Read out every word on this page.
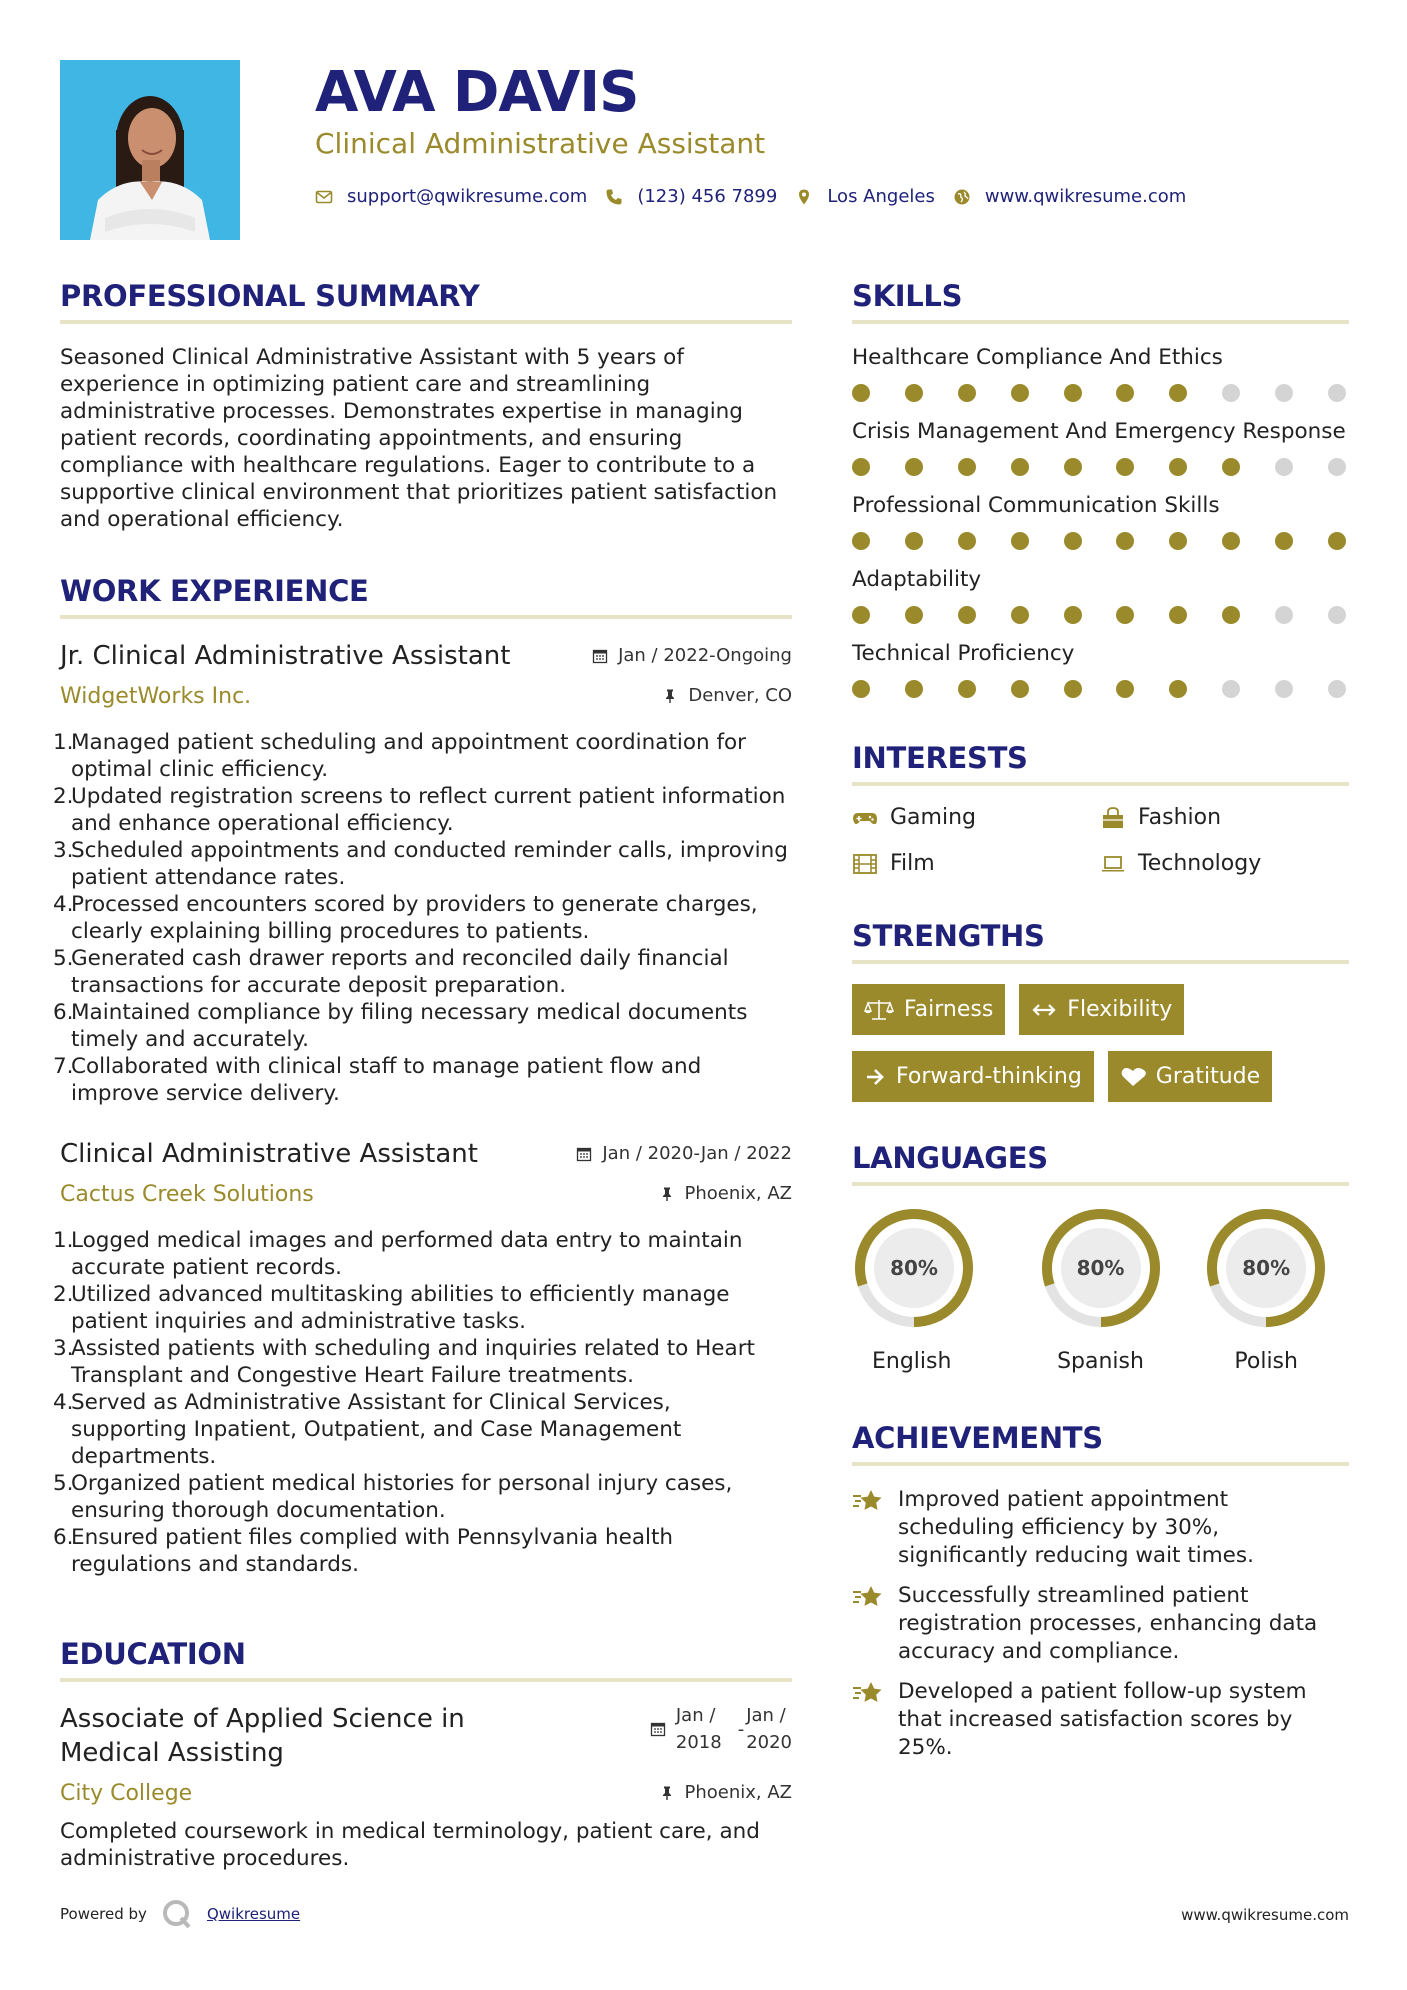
AVA DAVIS
Clinical Administrative Assistant
support@qwikresume.com	(123) 456 7899	Los Angeles	www.qwikresume.com
PROFESSIONAL SUMMARY
Seasoned Clinical Administrative Assistant with 5 years of experience in optimizing patient care and streamlining administrative processes. Demonstrates expertise in managing patient records, coordinating appointments, and ensuring compliance with healthcare regulations. Eager to contribute to a supportive clinical environment that prioritizes patient satisfaction and operational efficiency.
WORK EXPERIENCE
Jr. Clinical Administrative Assistant	Jan / 2022-Ongoing
WidgetWorks Inc.	Denver, CO
1.
Managed patient scheduling and appointment coordination for optimal clinic efficiency.
2.
Updated registration screens to reflect current patient information and enhance operational efficiency.
3.
Scheduled appointments and conducted reminder calls, improving patient attendance rates.
4.
Processed encounters scored by providers to generate charges, clearly explaining billing procedures to patients.
5.
Generated cash drawer reports and reconciled daily financial transactions for accurate deposit preparation.
6.
Maintained compliance by filing necessary medical documents timely and accurately.
7.
Collaborated with clinical staff to manage patient flow and improve service delivery.
Clinical Administrative Assistant	Jan / 2020-Jan / 2022
Cactus Creek Solutions	Phoenix, AZ
1.
Logged medical images and performed data entry to maintain accurate patient records.
2.
Utilized advanced multitasking abilities to efficiently manage patient inquiries and administrative tasks.
3.
Assisted patients with scheduling and inquiries related to Heart Transplant and Congestive Heart Failure treatments.
4.
Served as Administrative Assistant for Clinical Services, supporting Inpatient, Outpatient, and Case Management departments.
5.
Organized patient medical histories for personal injury cases, ensuring thorough documentation.
6.
Ensured patient files complied with Pennsylvania health regulations and standards.
EDUCATION
Associate of Applied Science in
Medical Assisting
Jan /
2018
-
Jan /
2020
City College	Phoenix, AZ
Completed coursework in medical terminology, patient care, and administrative procedures.
SKILLS
Healthcare Compliance And Ethics
Crisis Management And Emergency Response
Professional Communication Skills
Adaptability
Technical Proficiency
INTERESTS
Gaming	Fashion
Film	Technology
STRENGTHS
Fairness	Flexibility
Forward-thinking	Gratitude
LANGUAGES
80%
English
80%
Spanish
80%
Polish
ACHIEVEMENTS
Improved patient appointment scheduling efficiency by 30%, significantly reducing wait times.
Successfully streamlined patient registration processes, enhancing data accuracy and compliance.
Developed a patient follow-up system that increased satisfaction scores by 25%.
Powered by	Qwikresume	www.qwikresume.com
